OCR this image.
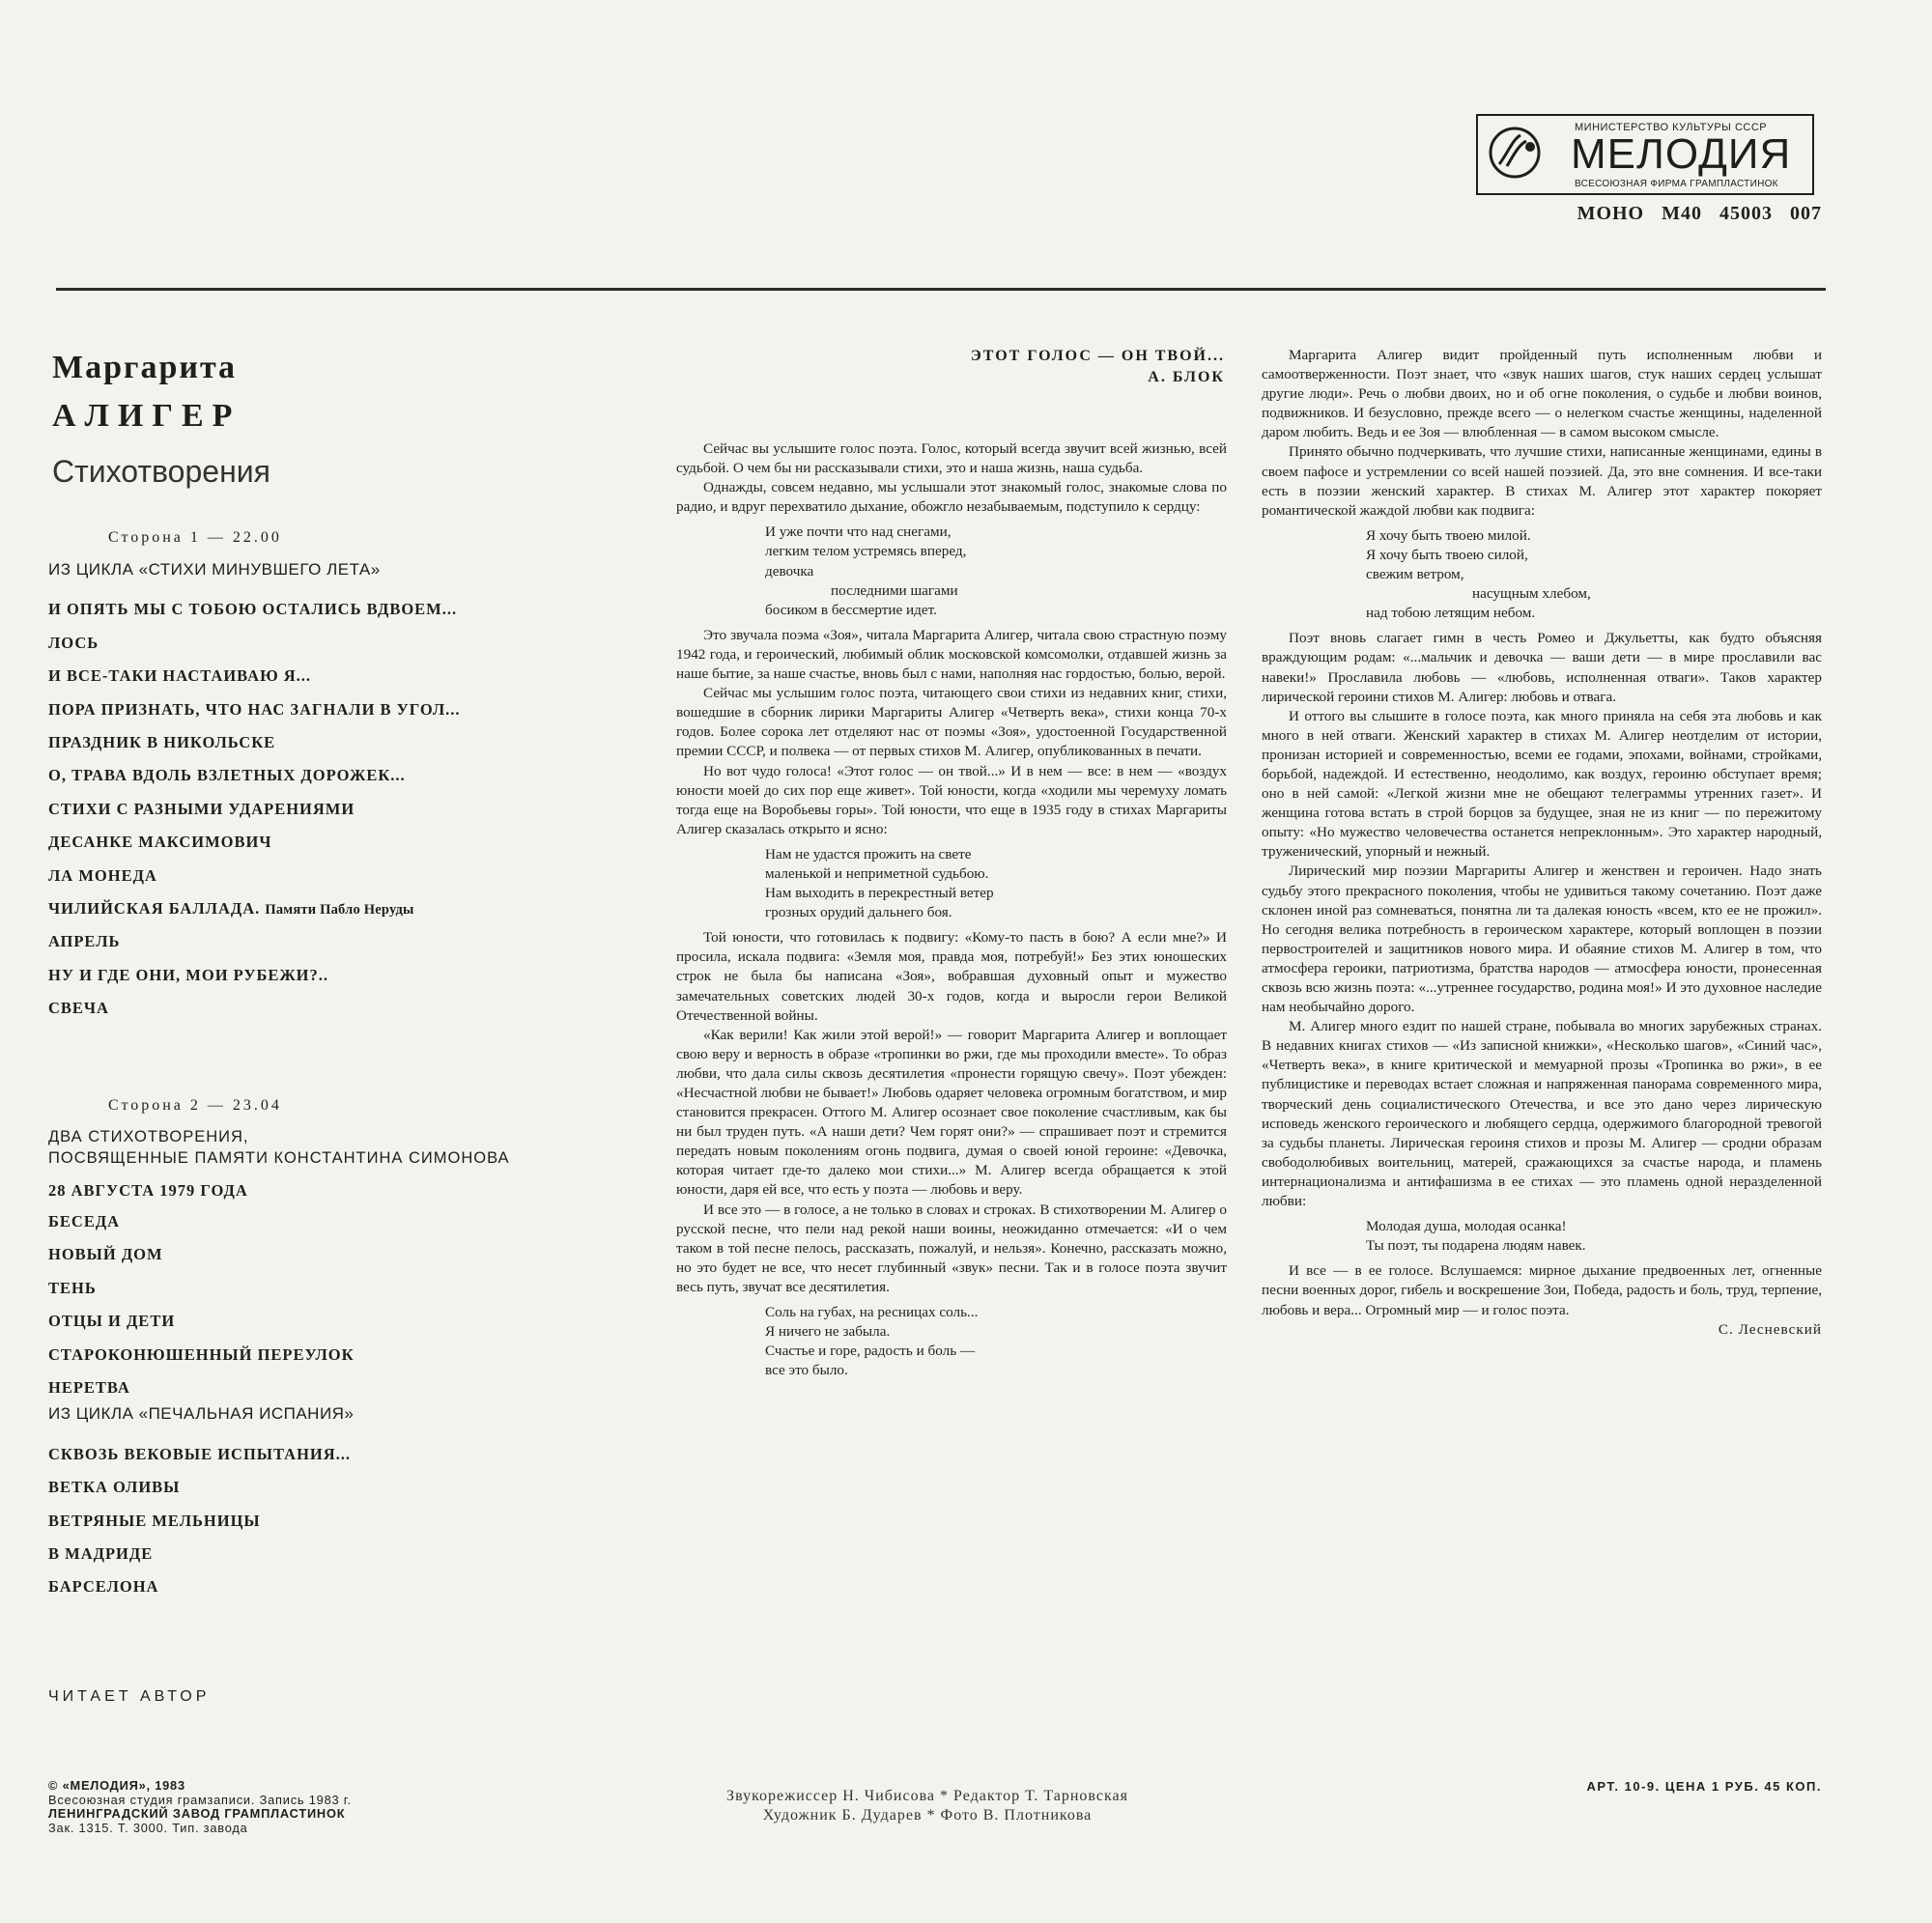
МИНИСТЕРСТВО КУЛЬТУРЫ СССР
МЕЛОДИЯ
ВСЕСОЮЗНАЯ ФИРМА ГРАМПЛАСТИНОК
МОНО М40 45003 007
Маргарита
АЛИГЕР
Стихотворения
Сторона 1 — 22.00
ИЗ ЦИКЛА «СТИХИ МИНУВШЕГО ЛЕТА»
И ОПЯТЬ МЫ С ТОБОЮ ОСТАЛИСЬ ВДВОЕМ...
ЛОСЬ
И ВСЕ-ТАКИ НАСТАИВАЮ Я...
ПОРА ПРИЗНАТЬ, ЧТО НАС ЗАГНАЛИ В УГОЛ...
ПРАЗДНИК В НИКОЛЬСКЕ
О, ТРАВА ВДОЛЬ ВЗЛЕТНЫХ ДОРОЖЕК...
СТИХИ С РАЗНЫМИ УДАРЕНИЯМИ
ДЕСАНКЕ МАКСИМОВИЧ
ЛА МОНЕДА
ЧИЛИЙСКАЯ БАЛЛАДА. Памяти Пабло Неруды
АПРЕЛЬ
НУ И ГДЕ ОНИ, МОИ РУБЕЖИ?..
СВЕЧА
Сторона 2 — 23.04
ДВА СТИХОТВОРЕНИЯ,
ПОСВЯЩЕННЫЕ ПАМЯТИ КОНСТАНТИНА СИМОНОВА
28 АВГУСТА 1979 ГОДА
БЕСЕДА
НОВЫЙ ДОМ
ТЕНЬ
ОТЦЫ И ДЕТИ
СТАРОКОНЮШЕННЫЙ ПЕРЕУЛОК
НЕРЕТВА
ИЗ ЦИКЛА «ПЕЧАЛЬНАЯ ИСПАНИЯ»
СКВОЗЬ ВЕКОВЫЕ ИСПЫТАНИЯ...
ВЕТКА ОЛИВЫ
ВЕТРЯНЫЕ МЕЛЬНИЦЫ
В МАДРИДЕ
БАРСЕЛОНА
ЧИТАЕТ АВТОР
ЭТОТ ГОЛОС — ОН ТВОЙ...
А. БЛОК

Сейчас вы услышите голос поэта. Голос, который всегда звучит всей жизнью, всей судьбой. О чем бы ни рассказывали стихи, это и наша жизнь, наша судьба.

Однажды, совсем недавно, мы услышали этот знакомый голос, знакомые слова по радио, и вдруг перехватило дыхание, обожгло незабываемым, подступило к сердцу:

И уже почти что над снегами,
легким телом устремясь вперед,
девочка
последними шагами
босиком в бессмертие идет.

Это звучала поэма «Зоя», читала Маргарита Алигер, читала свою страстную поэму 1942 года, и героический, любимый облик московской комсомолки, отдавшей жизнь за наше бытие, за наше счастье, вновь был с нами, наполняя нас гордостью, болью, верой.

Сейчас мы услышим голос поэта, читающего свои стихи из недавних книг, стихи, вошедшие в сборник лирики Маргариты Алигер «Четверть века», стихи конца 70-х годов. Более сорока лет отделяют нас от поэмы «Зоя», удостоенной Государственной премии СССР, и полвека — от первых стихов М. Алигер, опубликованных в печати.

Но вот чудо голоса! «Этот голос — он твой...» И в нем — все: в нем — «воздух юности моей до сих пор еще живет». Той юности, когда «ходили мы черемуху ломать тогда еще на Воробьевы горы». Той юности, что еще в 1935 году в стихах Маргариты Алигер сказалась открыто и ясно:

Нам не удастся прожить на свете
маленькой и неприметной судьбою.
Нам выходить в перекрестный ветер
грозных орудий дальнего боя.

Той юности, что готовилась к подвигу: «Кому-то пасть в бою? А если мне?» И просила, искала подвига: «Земля моя, правда моя, потребуй!» Без этих юношеских строк не была бы написана «Зоя», вобравшая духовный опыт и мужество замечательных советских людей 30-х годов, когда и выросли герои Великой Отечественной войны.

«Как верили! Как жили этой верой!» — говорит Маргарита Алигер и воплощает свою веру и верность в образе «тропинки во ржи, где мы проходили вместе». То образ любви, что дала силы сквозь десятилетия «пронести горящую свечу». Поэт убежден: «Несчастной любви не бывает!» Любовь одаряет человека огромным богатством, и мир становится прекрасен. Оттого М. Алигер осознает свое поколение счастливым, как бы ни был труден путь. «А наши дети? Чем горят они?» — спрашивает поэт и стремится передать новым поколениям огонь подвига, думая о своей юной героине: «Девочка, которая читает где-то далеко мои стихи...» М. Алигер всегда обращается к этой юности, даря ей все, что есть у поэта — любовь и веру.

И все это — в голосе, а не только в словах и строках. В стихотворении М. Алигер о русской песне, что пели над рекой наши воины, неожиданно отмечается: «И о чем таком в той песне пелось, рассказать, пожалуй, и нельзя». Конечно, рассказать можно, но это будет не все, что несет глубинный «звук» песни. Так и в голосе поэта звучит весь путь, звучат все десятилетия.

Соль на губах, на ресницах соль...
Я ничего не забыла.
Счастье и горе, радость и боль —
все это было.

Маргарита Алигер видит пройденный путь исполненным любви и самоотверженности. Поэт знает, что «звук наших шагов, стук наших сердец услышат другие люди». Речь о любви двоих, но и об огне поколения, о судьбе и любви воинов, подвижников. И безусловно, прежде всего — о нелегком счастье женщины, наделенной даром любить. Ведь и ее Зоя — влюбленная — в самом высоком смысле.

Принято обычно подчеркивать, что лучшие стихи, написанные женщинами, едины в своем пафосе и устремлении со всей нашей поэзией. Да, это вне сомнения. И все-таки есть в поэзии женский характер. В стихах М. Алигер этот характер покоряет романтической жаждой любви как подвига:

Я хочу быть твоею милой.
Я хочу быть твоею силой,
свежим ветром,
насущным хлебом,
над тобою летящим небом.

Поэт вновь слагает гимн в честь Ромео и Джульетты, как будто объясняя враждующим родам: «...мальчик и девочка — ваши дети — в мире прославили вас навеки!» Прославила любовь — «любовь, исполненная отваги». Таков характер лирической героини стихов М. Алигер: любовь и отвага.

И оттого вы слышите в голосе поэта, как много приняла на себя эта любовь и как много в ней отваги. Женский характер в стихах М. Алигер неотделим от истории, пронизан историей и современностью, всеми ее годами, эпохами, войнами, стройками, борьбой, надеждой. И естественно, неодолимо, как воздух, героиню обступает время; оно в ней самой: «Легкой жизни мне не обещают телеграммы утренних газет». И женщина готова встать в строй борцов за будущее, зная не из книг — по пережитому опыту: «Но мужество человечества останется непреклонным». Это характер народный, труженический, упорный и нежный.

Лирический мир поэзии Маргариты Алигер и женствен и героичен. Надо знать судьбу этого прекрасного поколения, чтобы не удивиться такому сочетанию. Поэт даже склонен иной раз сомневаться, понятна ли та далекая юность «всем, кто ее не прожил». Но сегодня велика потребность в героическом характере, который воплощен в поэзии первостроителей и защитников нового мира. И обаяние стихов М. Алигер в том, что атмосфера героики, патриотизма, братства народов — атмосфера юности, пронесенная сквозь всю жизнь поэта: «...утреннее государство, родина моя!» И это духовное наследие нам необычайно дорого.

М. Алигер много ездит по нашей стране, побывала во многих зарубежных странах. В недавних книгах стихов — «Из записной книжки», «Несколько шагов», «Синий час», «Четверть века», в книге критической и мемуарной прозы «Тропинка во ржи», в ее публицистике и переводах встает сложная и напряженная панорама современного мира, творческий день социалистического Отечества, и все это дано через лирическую исповедь женского героического и любящего сердца, одержимого благородной тревогой за судьбы планеты. Лирическая героиня стихов и прозы М. Алигер — сродни образам свободолюбивых воительниц, матерей, сражающихся за счастье народа, и пламень интернационализма и антифашизма в ее стихах — это пламень одной неразделенной любви:

Молодая душа, молодая осанка!
Ты поэт, ты подарена людям навек.

И все — в ее голосе. Вслушаемся: мирное дыхание предвоенных лет, огненные песни военных дорог, гибель и воскрешение Зои, Победа, радость и боль, труд, терпение, любовь и вера... Огромный мир — и голос поэта.

С. Лесневский

© «МЕЛОДИЯ», 1983
Всесоюзная студия грамзаписи. Запись 1983 г.
ЛЕНИНГРАДСКИЙ ЗАВОД ГРАМПЛАСТИНОК
Зак. 1315. Т. 3000. Тип. завода
Звукорежиссер Н. Чибисова * Редактор Т. Тарновская
Художник Б. Дударев * Фото В. Плотникова
АРТ. 10-9. ЦЕНА 1 РУБ. 45 КОП.
